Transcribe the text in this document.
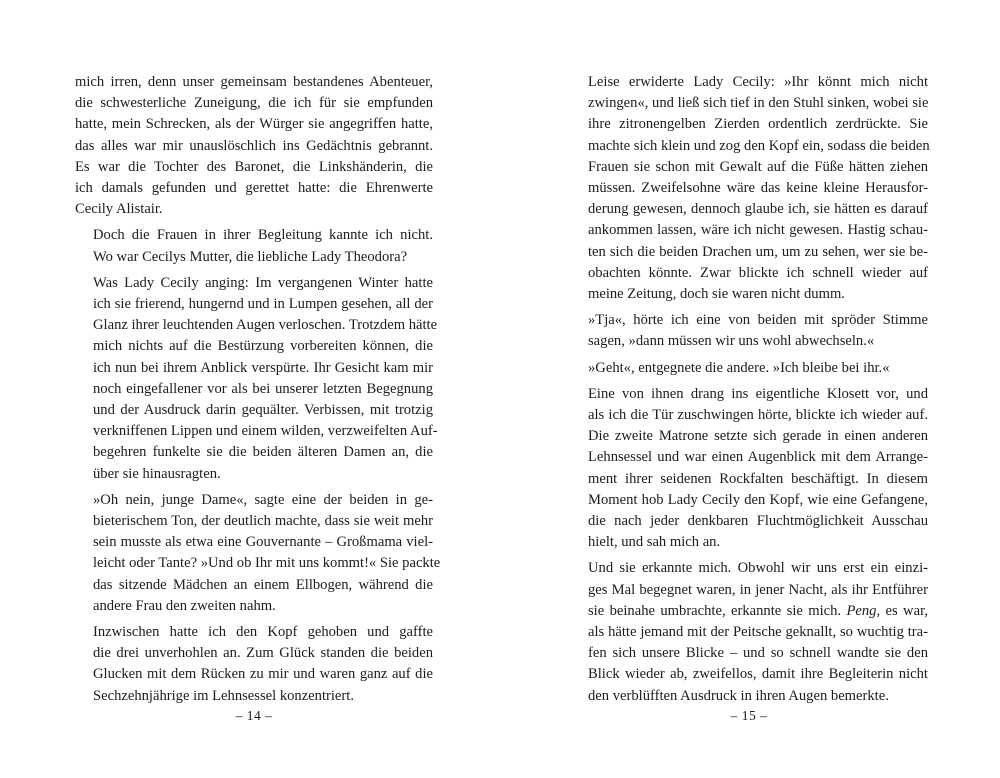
mich irren, denn unser gemeinsam bestandenes Abenteuer,
die schwesterliche Zuneigung, die ich für sie empfunden
hatte, mein Schrecken, als der Würger sie angegriffen hatte,
das alles war mir unauslöschlich ins Gedächtnis gebrannt.
Es war die Tochter des Baronet, die Linkshänderin, die
ich damals gefunden und gerettet hatte: die Ehrenwerte
Cecily Alistair.

Doch die Frauen in ihrer Begleitung kannte ich nicht.
Wo war Cecilys Mutter, die liebliche Lady Theodora?

Was Lady Cecily anging: Im vergangenen Winter hatte
ich sie frierend, hungernd und in Lumpen gesehen, all der
Glanz ihrer leuchtenden Augen verloschen. Trotzdem hätte
mich nichts auf die Bestürzung vorbereiten können, die
ich nun bei ihrem Anblick verspürte. Ihr Gesicht kam mir
noch eingefallener vor als bei unserer letzten Begegnung
und der Ausdruck darin gequälter. Verbissen, mit trotzig
verkniffenen Lippen und einem wilden, verzweifelten Auf-
begehren funkelte sie die beiden älteren Damen an, die
über sie hinausragten.

»Oh nein, junge Dame«, sagte eine der beiden in ge-
bieterischem Ton, der deutlich machte, dass sie weit mehr
sein musste als etwa eine Gouvernante – Großmama viel-
leicht oder Tante? »Und ob Ihr mit uns kommt!« Sie packte
das sitzende Mädchen an einem Ellbogen, während die
andere Frau den zweiten nahm.

Inzwischen hatte ich den Kopf gehoben und gaffte
die drei unverhohlen an. Zum Glück standen die beiden
Glucken mit dem Rücken zu mir und waren ganz auf die
Sechzehnjährige im Lehnsessel konzentriert.

– 14 –

Leise erwiderte Lady Cecily: »Ihr könnt mich nicht
zwingen«, und ließ sich tief in den Stuhl sinken, wobei sie
ihre zitronengelben Zierden ordentlich zerdrückte. Sie
machte sich klein und zog den Kopf ein, sodass die beiden
Frauen sie schon mit Gewalt auf die Füße hätten ziehen
müssen. Zweifelsohne wäre das keine kleine Herausfor-
derung gewesen, dennoch glaube ich, sie hätten es darauf
ankommen lassen, wäre ich nicht gewesen. Hastig schau-
ten sich die beiden Drachen um, um zu sehen, wer sie be-
obachten könnte. Zwar blickte ich schnell wieder auf
meine Zeitung, doch sie waren nicht dumm.

»Tja«, hörte ich eine von beiden mit spröder Stimme
sagen, »dann müssen wir uns wohl abwechseln.«

»Geht«, entgegnete die andere. »Ich bleibe bei ihr.«

Eine von ihnen drang ins eigentliche Klosett vor, und
als ich die Tür zuschwingen hörte, blickte ich wieder auf.
Die zweite Matrone setzte sich gerade in einen anderen
Lehnsessel und war einen Augenblick mit dem Arrange-
ment ihrer seidenen Rockfalten beschäftigt. In diesem
Moment hob Lady Cecily den Kopf, wie eine Gefangene,
die nach jeder denkbaren Fluchtmöglichkeit Ausschau
hielt, und sah mich an.

Und sie erkannte mich. Obwohl wir uns erst ein einzi-
ges Mal begegnet waren, in jener Nacht, als ihr Entführer
sie beinahe umbrachte, erkannte sie mich. Peng, es war,
als hätte jemand mit der Peitsche geknallt, so wuchtig tra-
fen sich unsere Blicke – und so schnell wandte sie den
Blick wieder ab, zweifellos, damit ihre Begleiterin nicht
den verblüfften Ausdruck in ihren Augen bemerkte.

– 15 –
